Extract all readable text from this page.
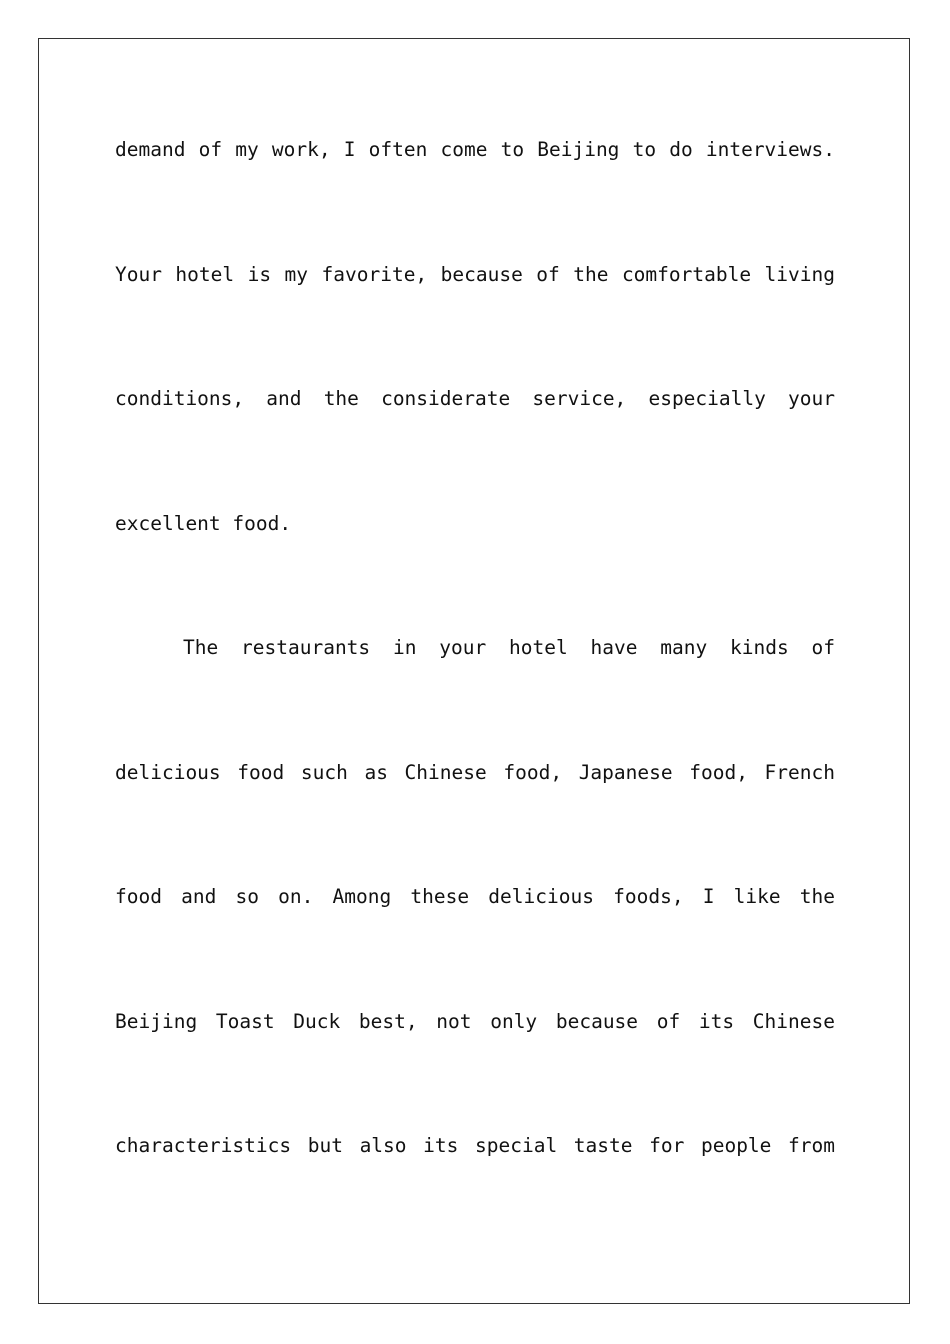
demand of my work, I often come to Beijing to do interviews.
Your hotel is my favorite, because of the comfortable living
conditions, and the considerate service, especially your
excellent food.
The restaurants in your hotel have many kinds of
delicious food such as Chinese food, Japanese food, French
food and so on. Among these delicious foods, I like the
Beijing Toast Duck best, not only because of its Chinese
characteristics but also its special taste for people from
